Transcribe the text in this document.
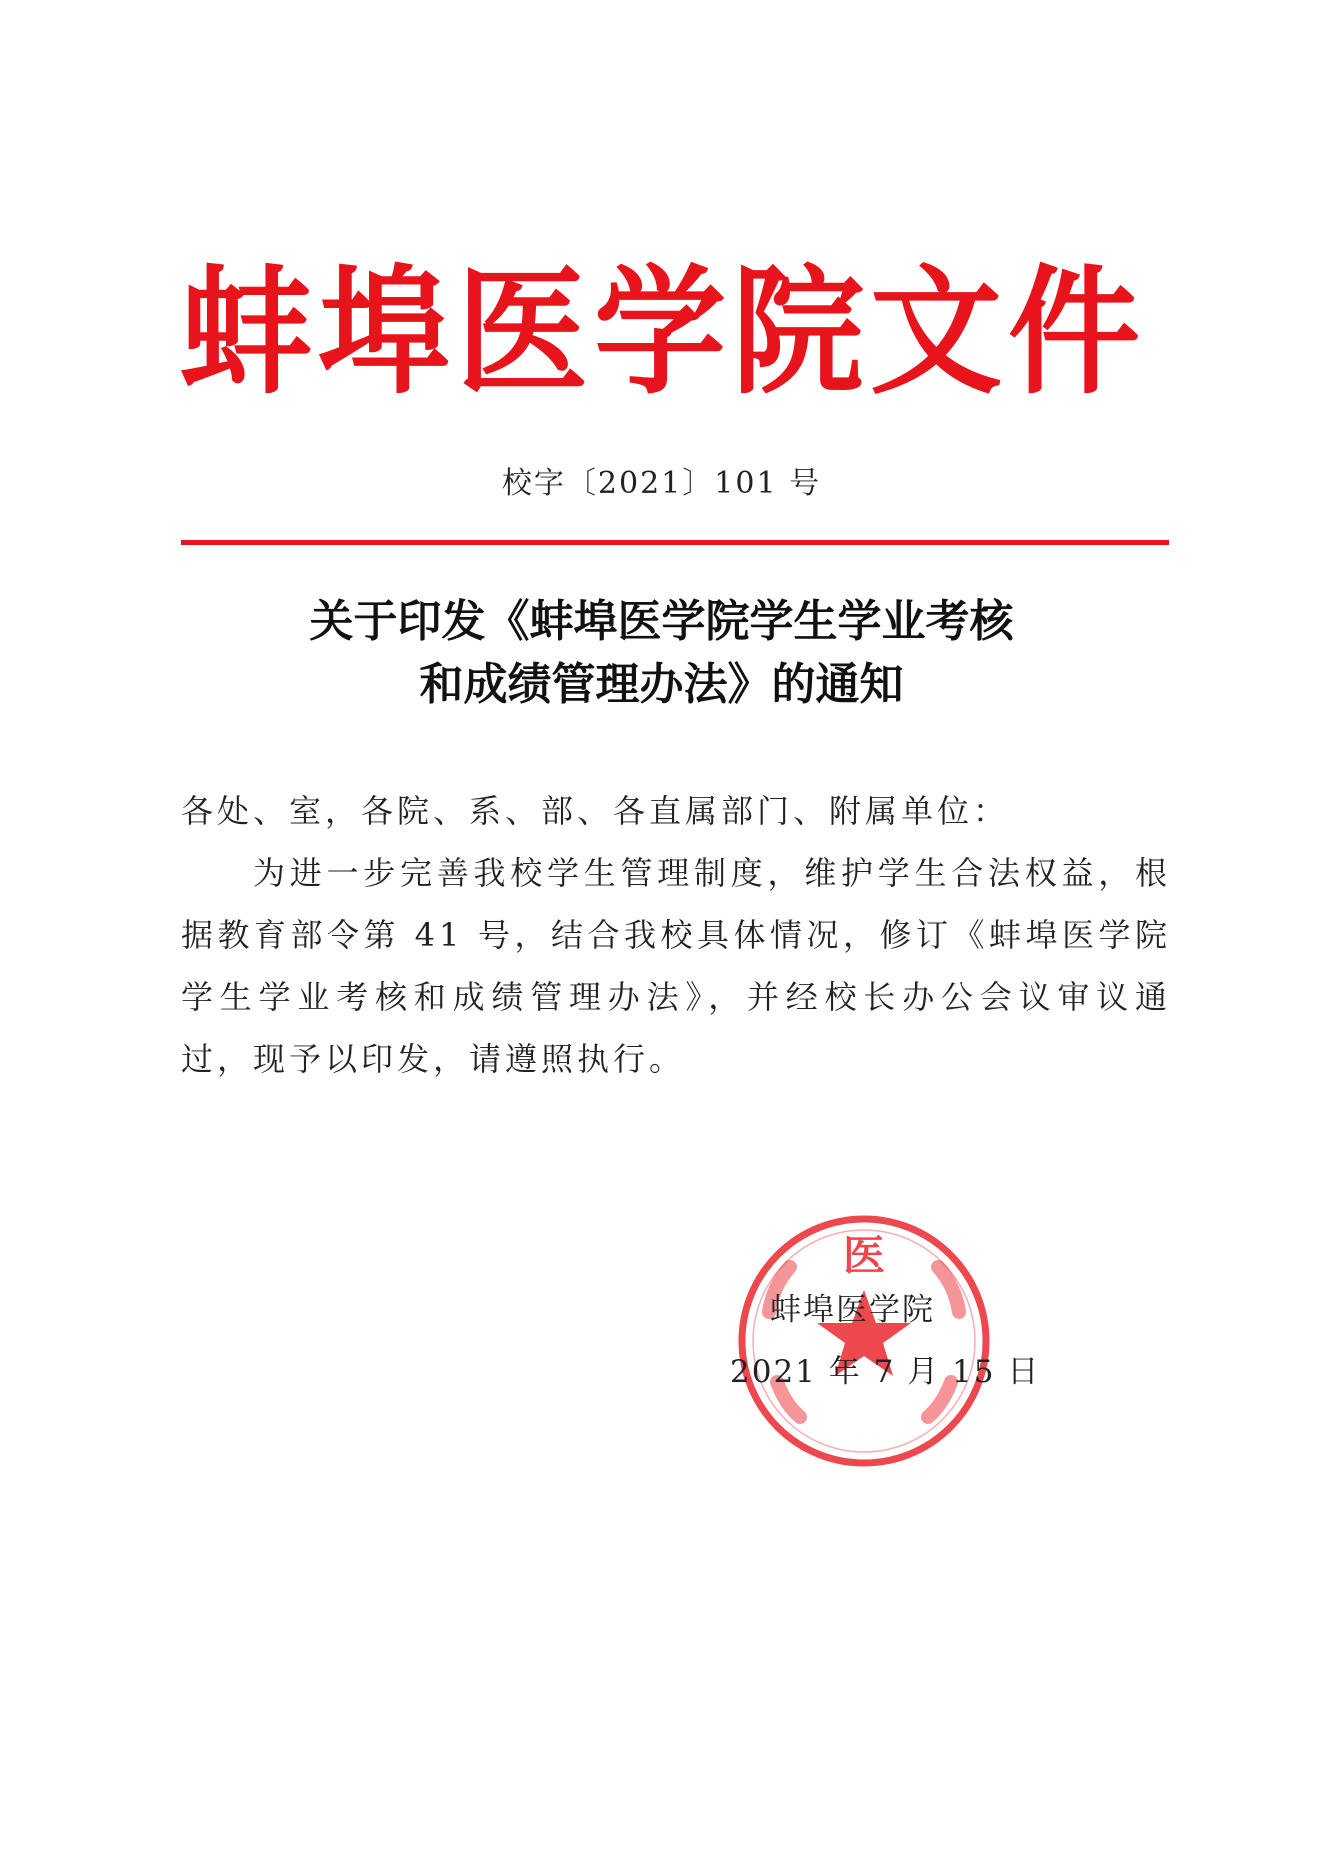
蚌 埠 医 学 院 文 件
校字〔2021〕101 号
关于印发《蚌埠医学院学生学业考核
和成绩管理办法》的通知
各处、室，各院、系、部、各直属部门、附属单位：
为进一步完善我校学生管理制度，维护学生合法权益，根据教育部令第 41 号，结合我校具体情况，修订《蚌埠医学院学生学业考核和成绩管理办法》，并经校长办公会议审议通过，现予以印发，请遵照执行。
医
蚌埠医学院
2021 年 7 月 15 日
